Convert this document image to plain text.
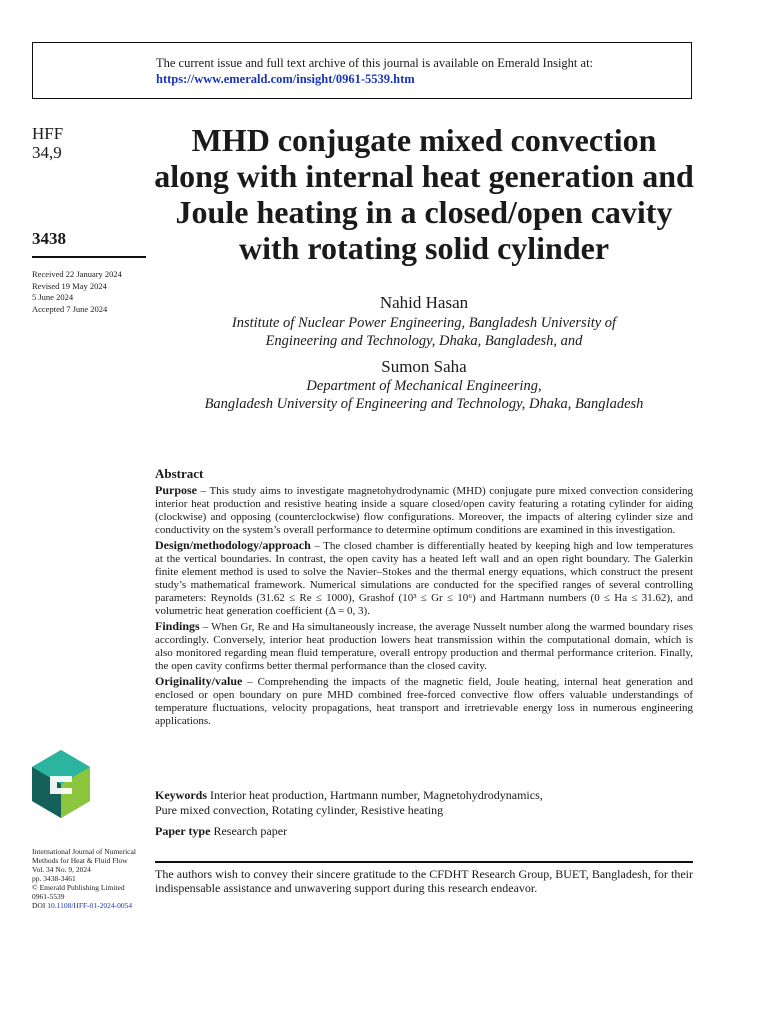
The current issue and full text archive of this journal is available on Emerald Insight at:
https://www.emerald.com/insight/0961-5539.htm
HFF
34,9
3438
Received 22 January 2024
Revised 19 May 2024
5 June 2024
Accepted 7 June 2024
MHD conjugate mixed convection along with internal heat generation and Joule heating in a closed/open cavity with rotating solid cylinder
Nahid Hasan
Institute of Nuclear Power Engineering, Bangladesh University of
Engineering and Technology, Dhaka, Bangladesh, and
Sumon Saha
Department of Mechanical Engineering,
Bangladesh University of Engineering and Technology, Dhaka, Bangladesh
Abstract

Purpose – This study aims to investigate magnetohydrodynamic (MHD) conjugate pure mixed convection considering interior heat production and resistive heating inside a square closed/open cavity featuring a rotating cylinder for aiding (clockwise) and opposing (counterclockwise) flow configurations. Moreover, the impacts of altering cylinder size and conductivity on the system’s overall performance to determine optimum conditions are examined in this investigation.

Design/methodology/approach – The closed chamber is differentially heated by keeping high and low temperatures at the vertical boundaries. In contrast, the open cavity has a heated left wall and an open right boundary. The Galerkin finite element method is used to solve the Navier–Stokes and the thermal energy equations, which construct the present study’s mathematical framework. Numerical simulations are conducted for the specified ranges of several controlling parameters: Reynolds (31.62 ≤ Re ≤ 1000), Grashof (10³ ≤ Gr ≤ 10⁶) and Hartmann numbers (0 ≤ Ha ≤ 31.62), and volumetric heat generation coefficient (Δ = 0, 3).

Findings – When Gr, Re and Ha simultaneously increase, the average Nusselt number along the warmed boundary rises accordingly. Conversely, interior heat production lowers heat transmission within the computational domain, which is also monitored regarding mean fluid temperature, overall entropy production and thermal performance criterion. Finally, the open cavity confirms better thermal performance than the closed cavity.

Originality/value – Comprehending the impacts of the magnetic field, Joule heating, internal heat generation and enclosed or open boundary on pure MHD combined free-forced convective flow offers valuable understandings of temperature fluctuations, velocity propagations, heat transport and irretrievable energy loss in numerous engineering applications.

Keywords Interior heat production, Hartmann number, Magnetohydrodynamics,
Pure mixed convection, Rotating cylinder, Resistive heating
Paper type Research paper
The authors wish to convey their sincere gratitude to the CFDHT Research Group, BUET, Bangladesh, for their indispensable assistance and unwavering support during this research endeavor.
International Journal of Numerical
Methods for Heat & Fluid Flow
Vol. 34 No. 9, 2024
pp. 3438-3461
© Emerald Publishing Limited
0961-5539
DOI 10.1108/HFF-01-2024-0054
